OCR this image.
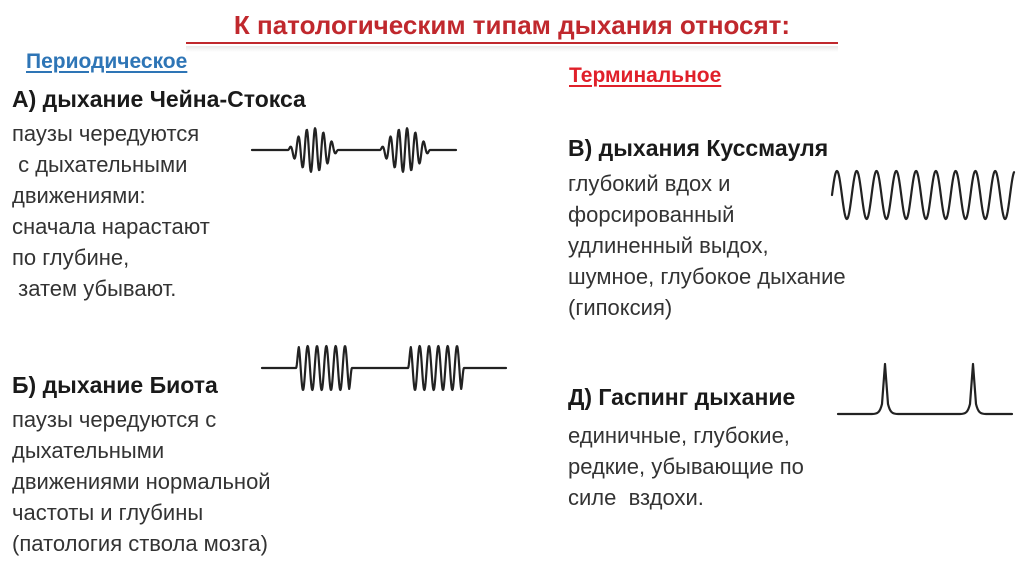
К патологическим типам дыхания относят:
Периодическое
А) дыхание Чейна-Стокса
паузы чередуются
с дыхательными
движениями:
сначала нарастают
по глубине,
затем убывают.
Б) дыхание Биота
паузы чередуются с
дыхательными
движениями нормальной
частоты и глубины
(патология ствола мозга)
Терминальное
В) дыхания Куссмауля
глубокий вдох и
форсированный
удлиненный выдох,
шумное, глубокое дыхание
(гипоксия)
Д) Гаспинг дыхание
единичные, глубокие,
редкие, убывающие по
силе  вздохи.
